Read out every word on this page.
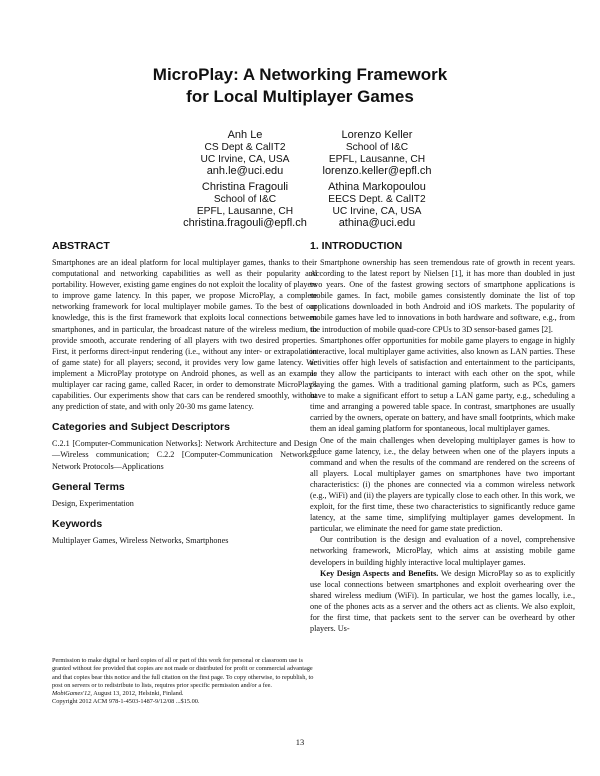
MicroPlay: A Networking Framework
for Local Multiplayer Games
Anh Le
CS Dept & CalIT2
UC Irvine, CA, USA
anh.le@uci.edu
Lorenzo Keller
School of I&C
EPFL, Lausanne, CH
lorenzo.keller@epfl.ch
Christina Fragouli
School of I&C
EPFL, Lausanne, CH
christina.fragouli@epfl.ch
Athina Markopoulou
EECS Dept. & CalIT2
UC Irvine, CA, USA
athina@uci.edu
ABSTRACT

Smartphones are an ideal platform for local multiplayer games, thanks to their computational and networking capabilities as well as their popularity and portability. However, existing game engines do not exploit the locality of players to improve game latency. In this paper, we propose MicroPlay, a complete networking framework for local multiplayer mobile games. To the best of our knowledge, this is the first framework that exploits local connections between smartphones, and in particular, the broadcast nature of the wireless medium, to provide smooth, accurate rendering of all players with two desired properties. First, it performs direct-input rendering (i.e., without any inter- or extrapolation of game state) for all players; second, it provides very low game latency. We implement a MicroPlay prototype on Android phones, as well as an example multiplayer car racing game, called Racer, in order to demonstrate MicroPlay's capabilities. Our experiments show that cars can be rendered smoothly, without any prediction of state, and with only 20-30 ms game latency.

Categories and Subject Descriptors

C.2.1 [Computer-Communication Networks]: Network Architecture and Design—Wireless communication; C.2.2 [Computer-Communication Networks]: Network Protocols—Applications

General Terms

Design, Experimentation

Keywords

Multiplayer Games, Wireless Networks, Smartphones

Permission to make digital or hard copies of all or part of this work for personal or classroom use is granted without fee provided that copies are not made or distributed for profit or commercial advantage and that copies bear this notice and the full citation on the first page. To copy otherwise, to republish, to post on servers or to redistribute to lists, requires prior specific permission and/or a fee.

MobiGames'12, August 13, 2012, Helsinki, Finland.

Copyright 2012 ACM 978-1-4503-1487-9/12/08 ...$15.00.

1. INTRODUCTION

Smartphone ownership has seen tremendous rate of growth in recent years. According to the latest report by Nielsen [1], it has more than doubled in just two years. One of the fastest growing sectors of smartphone applications is mobile games. In fact, mobile games consistently dominate the list of top applications downloaded in both Android and iOS markets. The popularity of mobile games have led to innovations in both hardware and software, e.g., from the introduction of mobile quad-core CPUs to 3D sensor-based games [2].

Smartphones offer opportunities for mobile game players to engage in highly interactive, local multiplayer game activities, also known as LAN parties. These activities offer high levels of satisfaction and entertainment to the participants, as they allow the participants to interact with each other on the spot, while playing the games. With a traditional gaming platform, such as PCs, gamers have to make a significant effort to setup a LAN game party, e.g., scheduling a time and arranging a powered table space. In contrast, smartphones are usually carried by the owners, operate on battery, and have small footprints, which make them an ideal gaming platform for spontaneous, local multiplayer games.

One of the main challenges when developing multiplayer games is how to reduce game latency, i.e., the delay between when one of the players inputs a command and when the results of the command are rendered on the screens of all players. Local multiplayer games on smartphones have two important characteristics: (i) the phones are connected via a common wireless network (e.g., WiFi) and (ii) the players are typically close to each other. In this work, we exploit, for the first time, these two characteristics to significantly reduce game latency, at the same time, simplifying multiplayer games development. In particular, we eliminate the need for game state prediction.

Our contribution is the design and evaluation of a novel, comprehensive networking framework, MicroPlay, which aims at assisting mobile game developers in building highly interactive local multiplayer games.

Key Design Aspects and Benefits. We design MicroPlay so as to explicitly use local connections between smartphones and exploit overhearing over the shared wireless medium (WiFi). In particular, we host the games locally, i.e., one of the phones acts as a server and the others act as clients. We also exploit, for the first time, that packets sent to the server can be overheard by other players. Us-

13
